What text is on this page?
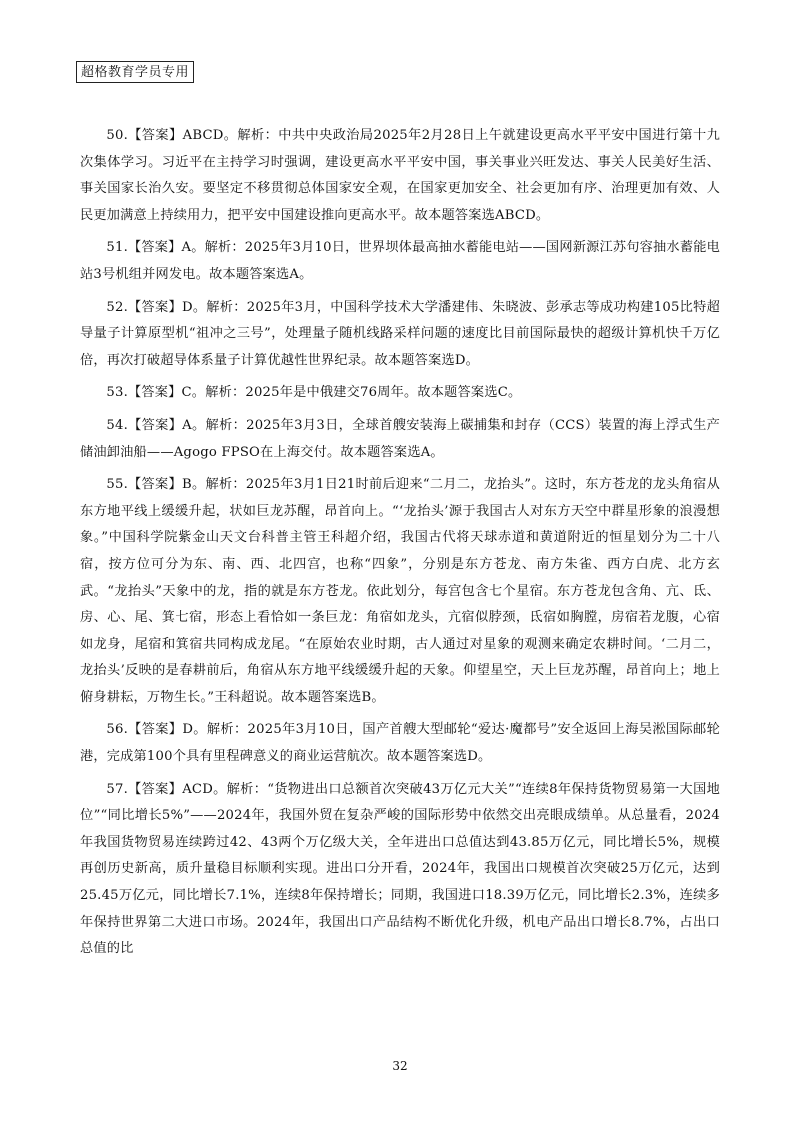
超格教育学员专用

50.【答案】ABCD。解析：中共中央政治局2025年2月28日上午就建设更高水平平安中国进行第十九次集体学习。习近平在主持学习时强调，建设更高水平平安中国，事关事业兴旺发达、事关人民美好生活、事关国家长治久安。要坚定不移贯彻总体国家安全观，在国家更加安全、社会更加有序、治理更加有效、人民更加满意上持续用力，把平安中国建设推向更高水平。故本题答案选ABCD。

51.【答案】A。解析：2025年3月10日，世界坝体最高抽水蓄能电站——国网新源江苏句容抽水蓄能电站3号机组并网发电。故本题答案选A。

52.【答案】D。解析：2025年3月，中国科学技术大学潘建伟、朱晓波、彭承志等成功构建105比特超导量子计算原型机“祖冲之三号”，处理量子随机线路采样问题的速度比目前国际最快的超级计算机快千万亿倍，再次打破超导体系量子计算优越性世界纪录。故本题答案选D。

53.【答案】C。解析：2025年是中俄建交76周年。故本题答案选C。

54.【答案】A。解析：2025年3月3日，全球首艘安装海上碳捕集和封存（CCS）装置的海上浮式生产储油卸油船——Agogo FPSO在上海交付。故本题答案选A。

55.【答案】B。解析：2025年3月1日21时前后迎来“二月二，龙抬头”。这时，东方苍龙的龙头角宿从东方地平线上缓缓升起，状如巨龙苏醒，昂首向上。“‘龙抬头’源于我国古人对东方天空中群星形象的浪漫想象。”中国科学院紫金山天文台科普主管王科超介绍，我国古代将天球赤道和黄道附近的恒星划分为二十八宿，按方位可分为东、南、西、北四宫，也称“四象”，分别是东方苍龙、南方朱雀、西方白虎、北方玄武。“龙抬头”天象中的龙，指的就是东方苍龙。依此划分，每宫包含七个星宿。东方苍龙包含角、亢、氐、房、心、尾、箕七宿，形态上看恰如一条巨龙：角宿如龙头，亢宿似脖颈，氐宿如胸膛，房宿若龙腹，心宿如龙身，尾宿和箕宿共同构成龙尾。“在原始农业时期，古人通过对星象的观测来确定农耕时间。‘二月二，龙抬头’反映的是春耕前后，角宿从东方地平线缓缓升起的天象。仰望星空，天上巨龙苏醒，昂首向上；地上俯身耕耘，万物生长。”王科超说。故本题答案选B。

56.【答案】D。解析：2025年3月10日，国产首艘大型邮轮“爱达·魔都号”安全返回上海吴淞国际邮轮港，完成第100个具有里程碑意义的商业运营航次。故本题答案选D。

57.【答案】ACD。解析：“货物进出口总额首次突破43万亿元大关”“连续8年保持货物贸易第一大国地位”“同比增长5%”——2024年，我国外贸在复杂严峻的国际形势中依然交出亮眼成绩单。从总量看，2024年我国货物贸易连续跨过42、43两个万亿级大关，全年进出口总值达到43.85万亿元，同比增长5%，规模再创历史新高，质升量稳目标顺利实现。进出口分开看，2024年，我国出口规模首次突破25万亿元，达到25.45万亿元，同比增长7.1%，连续8年保持增长；同期，我国进口18.39万亿元，同比增长2.3%，连续多年保持世界第二大进口市场。2024年，我国出口产品结构不断优化升级，机电产品出口增长8.7%，占出口总值的比

32
